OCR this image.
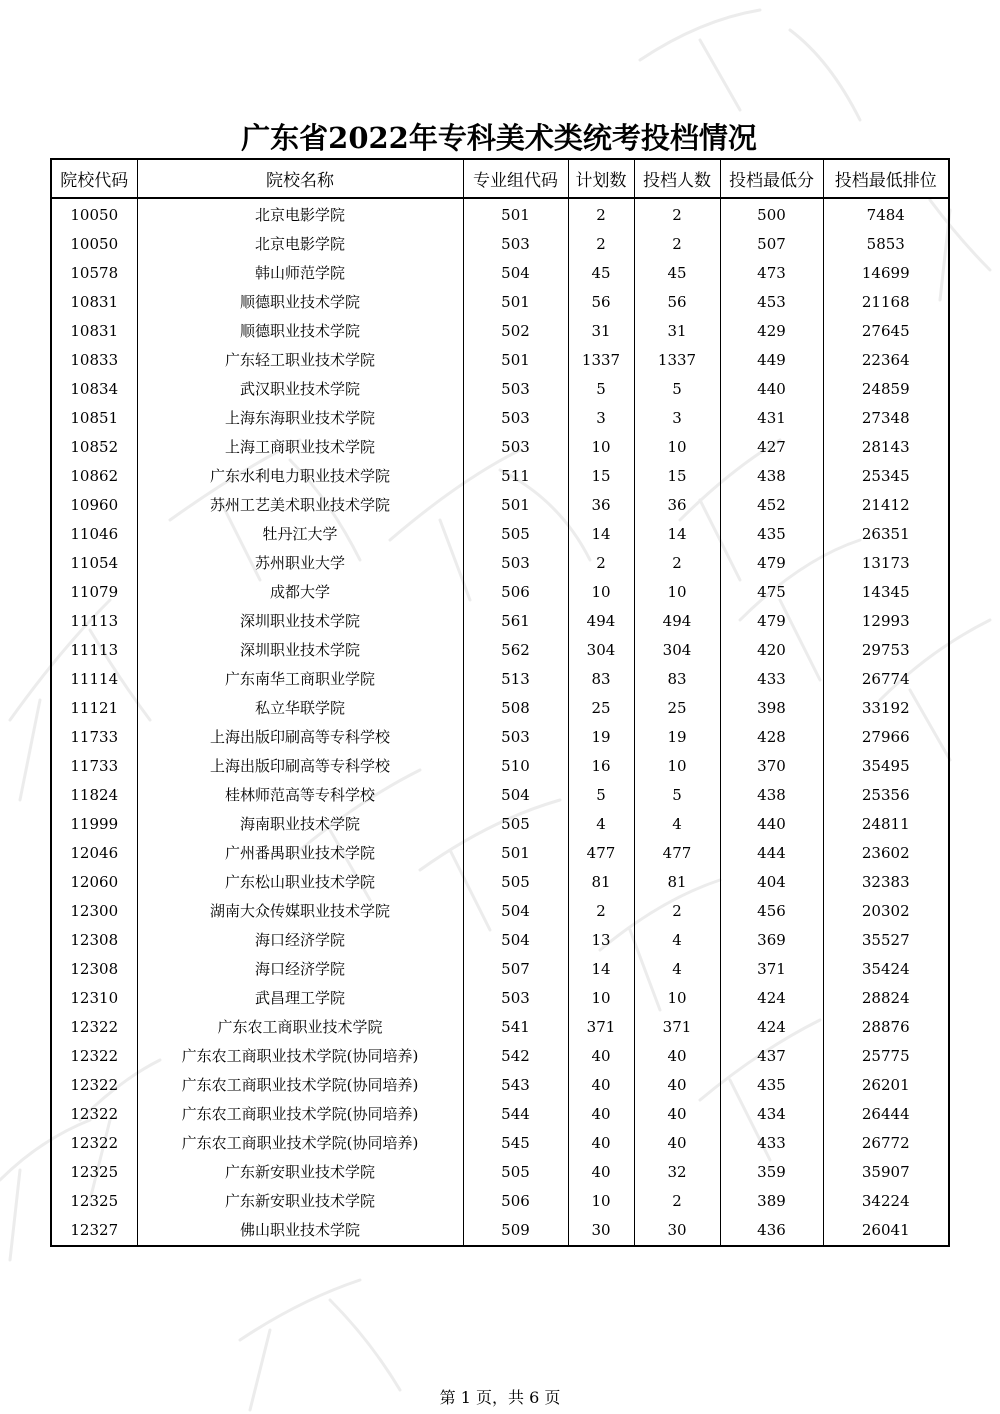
广东省2022年专科美术类统考投档情况
院校代码	院校名称	专业组代码	计划数	投档人数	投档最低分	投档最低排位
10050	北京电影学院	501	2	2	500	7484
10050	北京电影学院	503	2	2	507	5853
10578	韩山师范学院	504	45	45	473	14699
10831	顺德职业技术学院	501	56	56	453	21168
10831	顺德职业技术学院	502	31	31	429	27645
10833	广东轻工职业技术学院	501	1337	1337	449	22364
10834	武汉职业技术学院	503	5	5	440	24859
10851	上海东海职业技术学院	503	3	3	431	27348
10852	上海工商职业技术学院	503	10	10	427	28143
10862	广东水利电力职业技术学院	511	15	15	438	25345
10960	苏州工艺美术职业技术学院	501	36	36	452	21412
11046	牡丹江大学	505	14	14	435	26351
11054	苏州职业大学	503	2	2	479	13173
11079	成都大学	506	10	10	475	14345
11113	深圳职业技术学院	561	494	494	479	12993
11113	深圳职业技术学院	562	304	304	420	29753
11114	广东南华工商职业学院	513	83	83	433	26774
11121	私立华联学院	508	25	25	398	33192
11733	上海出版印刷高等专科学校	503	19	19	428	27966
11733	上海出版印刷高等专科学校	510	16	10	370	35495
11824	桂林师范高等专科学校	504	5	5	438	25356
11999	海南职业技术学院	505	4	4	440	24811
12046	广州番禺职业技术学院	501	477	477	444	23602
12060	广东松山职业技术学院	505	81	81	404	32383
12300	湖南大众传媒职业技术学院	504	2	2	456	20302
12308	海口经济学院	504	13	4	369	35527
12308	海口经济学院	507	14	4	371	35424
12310	武昌理工学院	503	10	10	424	28824
12322	广东农工商职业技术学院	541	371	371	424	28876
12322	广东农工商职业技术学院(协同培养)	542	40	40	437	25775
12322	广东农工商职业技术学院(协同培养)	543	40	40	435	26201
12322	广东农工商职业技术学院(协同培养)	544	40	40	434	26444
12322	广东农工商职业技术学院(协同培养)	545	40	40	433	26772
12325	广东新安职业技术学院	505	40	32	359	35907
12325	广东新安职业技术学院	506	10	2	389	34224
12327	佛山职业技术学院	509	30	30	436	26041
第 1 页，共 6 页
